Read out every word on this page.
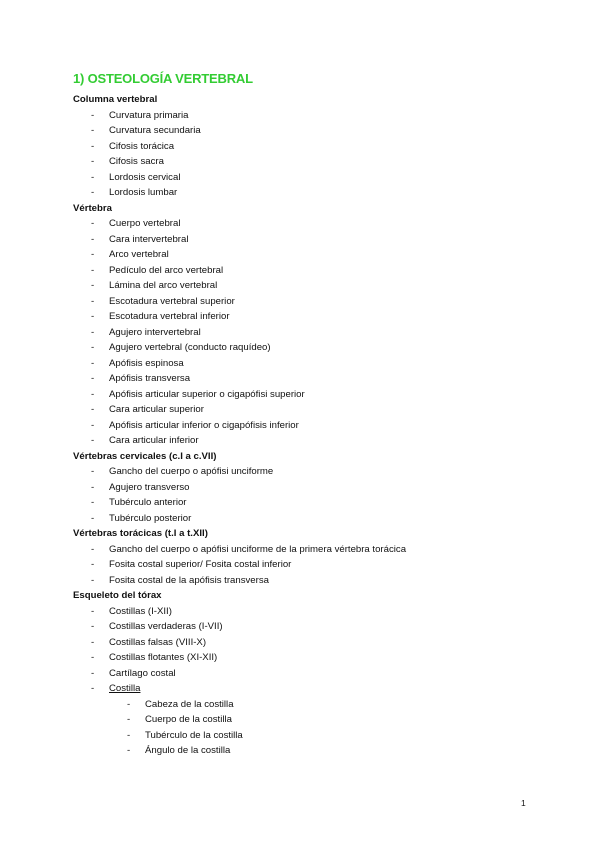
1) OSTEOLOGÍA VERTEBRAL
Columna vertebral
- Curvatura primaria
- Curvatura secundaria
- Cifosis torácica
- Cifosis sacra
- Lordosis cervical
- Lordosis lumbar
Vértebra
- Cuerpo vertebral
- Cara intervertebral
- Arco vertebral
- Pedículo del arco vertebral
- Lámina del arco vertebral
- Escotadura vertebral superior
- Escotadura vertebral inferior
- Agujero intervertebral
- Agujero vertebral (conducto raquídeo)
- Apófisis espinosa
- Apófisis transversa
- Apófisis articular superior o cigapófisi superior
- Cara articular superior
- Apófisis articular inferior o cigapófisis inferior
- Cara articular inferior
Vértebras cervicales (c.I a c.VII)
- Gancho del cuerpo o apófisi unciforme
- Agujero transverso
- Tubérculo anterior
- Tubérculo posterior
Vértebras torácicas (t.I a t.XII)
- Gancho del cuerpo o apófisi unciforme de la primera vértebra torácica
- Fosita costal superior/ Fosita costal inferior
- Fosita costal de la apófisis transversa
Esqueleto del tórax
- Costillas (I-XII)
- Costillas verdaderas (I-VII)
- Costillas falsas (VIII-X)
- Costillas flotantes (XI-XII)
- Cartílago costal
- Costilla
- Cabeza de la costilla
- Cuerpo de la costilla
- Tubérculo de la costilla
- Ángulo de la costilla
1
